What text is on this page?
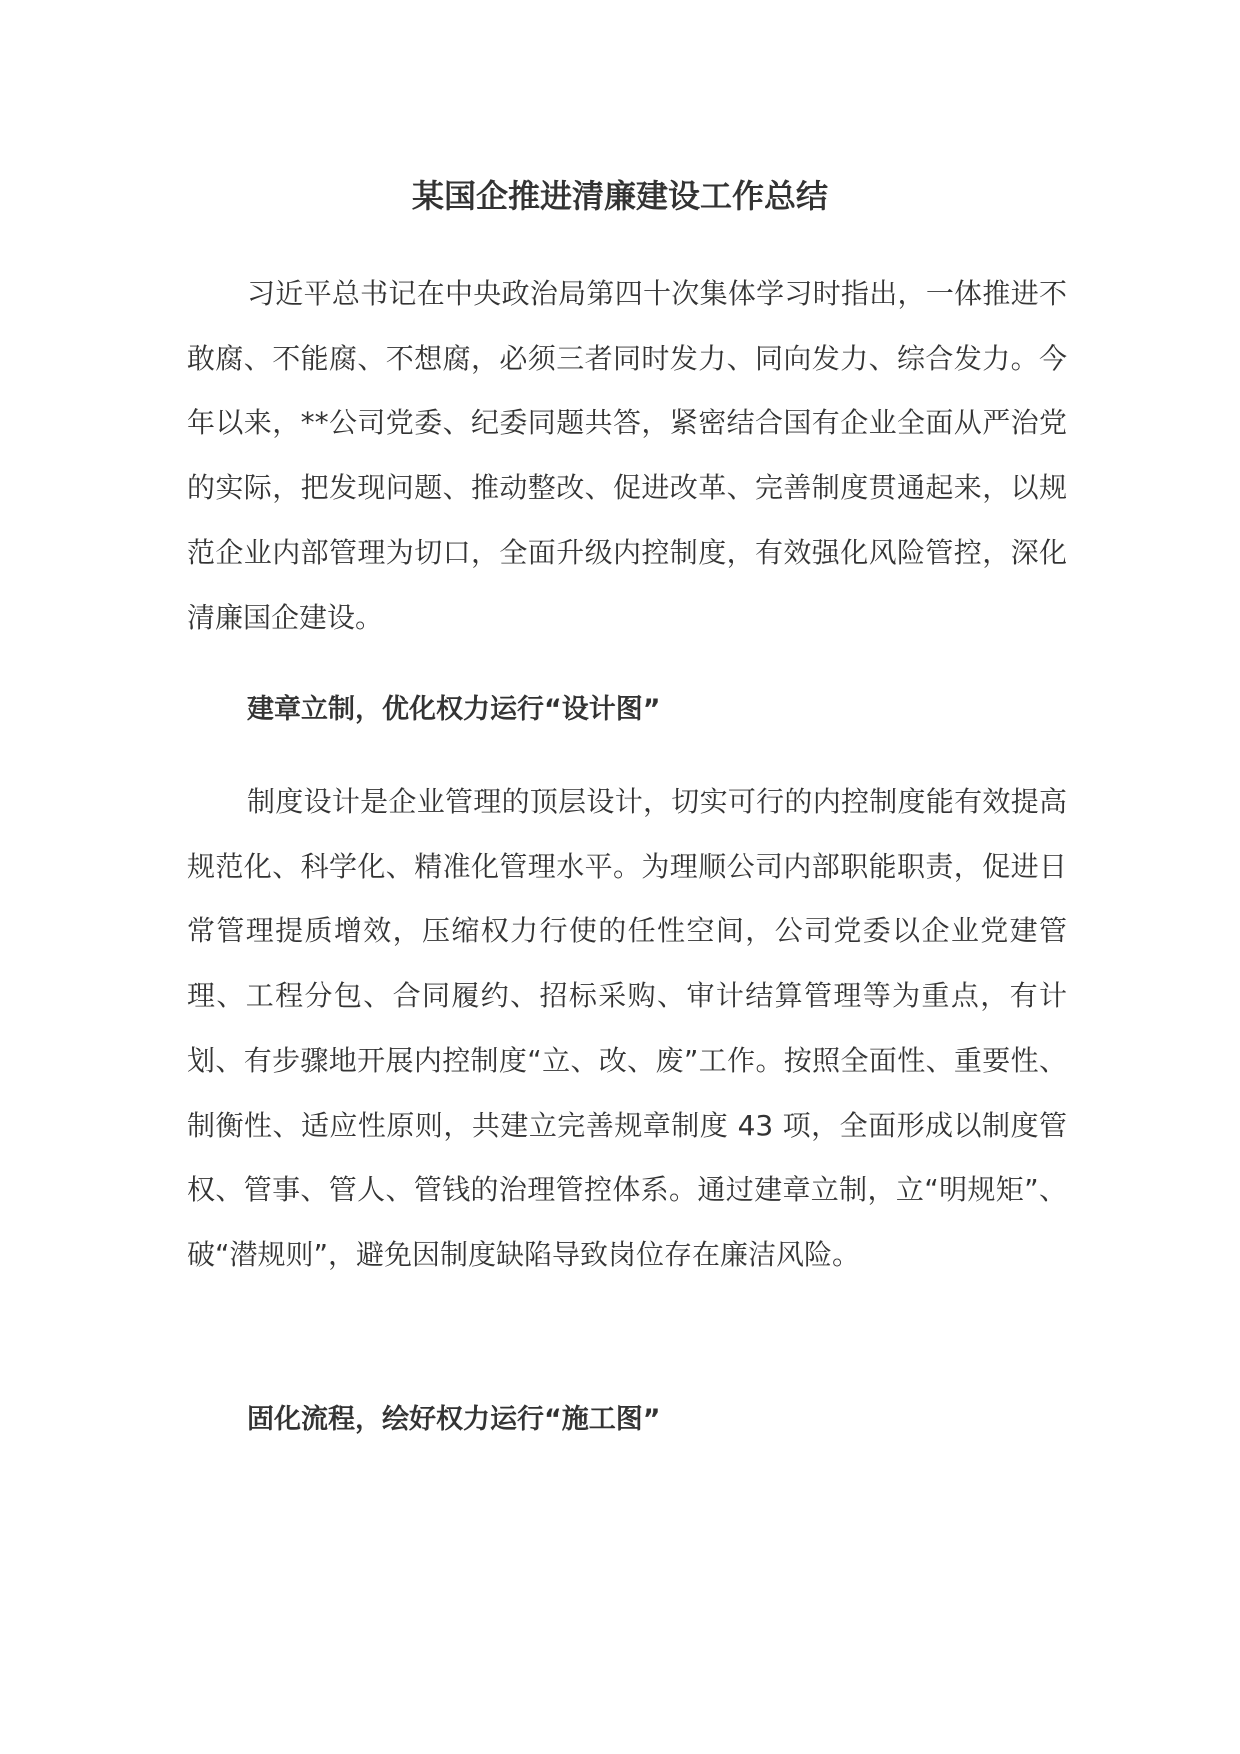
某国企推进清廉建设工作总结

习近平总书记在中央政治局第四十次集体学习时指出，一体推进不敢腐、不能腐、不想腐，必须三者同时发力、同向发力、综合发力。今年以来，**公司党委、纪委同题共答，紧密结合国有企业全面从严治党的实际，把发现问题、推动整改、促进改革、完善制度贯通起来，以规范企业内部管理为切口，全面升级内控制度，有效强化风险管控，深化清廉国企建设。

建章立制，优化权力运行“设计图”

制度设计是企业管理的顶层设计，切实可行的内控制度能有效提高规范化、科学化、精准化管理水平。为理顺公司内部职能职责，促进日常管理提质增效，压缩权力行使的任性空间，公司党委以企业党建管理、工程分包、合同履约、招标采购、审计结算管理等为重点，有计划、有步骤地开展内控制度“立、改、废”工作。按照全面性、重要性、制衡性、适应性原则，共建立完善规章制度 43 项，全面形成以制度管权、管事、管人、管钱的治理管控体系。通过建章立制，立“明规矩”、破“潜规则”，避免因制度缺陷导致岗位存在廉洁风险。

固化流程，绘好权力运行“施工图”
